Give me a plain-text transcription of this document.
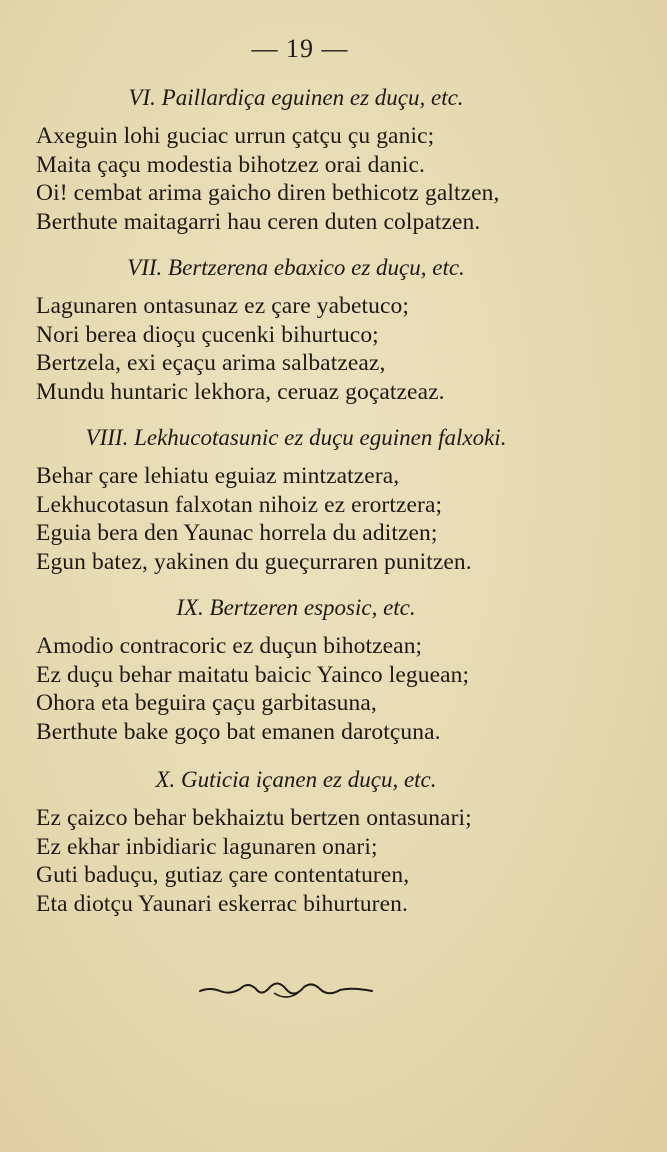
— 19 —
VI. Paillardiça eguinen ez duçu, etc.
Axeguin lohi guciac urrun çatçu çu ganic;
Maita çaçu modestia bihotzez orai danic.
Oi! cembat arima gaicho diren bethicotz galtzen,
Berthute maitagarri hau ceren duten colpatzen.
VII. Bertzerena ebaxico ez duçu, etc.
Lagunaren ontasunaz ez çare yabetuco;
Nori berea dioçu çucenki bihurtuco;
Bertzela, exi eçaçu arima salbatzeaz,
Mundu huntaric lekhora, ceruaz goçatzeaz.
VIII. Lekhucotasunic ez duçu eguinen falxoki.
Behar çare lehiatu eguiaz mintzatzera,
Lekhucotasun falxotan nihoiz ez erortzera;
Eguia bera den Yaunac horrela du aditzen;
Egun batez, yakinen du gueçurraren punitzen.
IX. Bertzeren esposic, etc.
Amodio contracoric ez duçun bihotzean;
Ez duçu behar maitatu baicic Yainco leguean;
Ohora eta beguira çaçu garbitasuna,
Berthute bake goço bat emanen darotçuna.
X. Guticia içanen ez duçu, etc.
Ez çaizco behar bekhaiztu bertzen ontasunari;
Ez ekhar inbidiaric lagunaren onari;
Guti baduçu, gutiaz çare contentaturen,
Eta diotçu Yaunari eskerrac bihurturen.
